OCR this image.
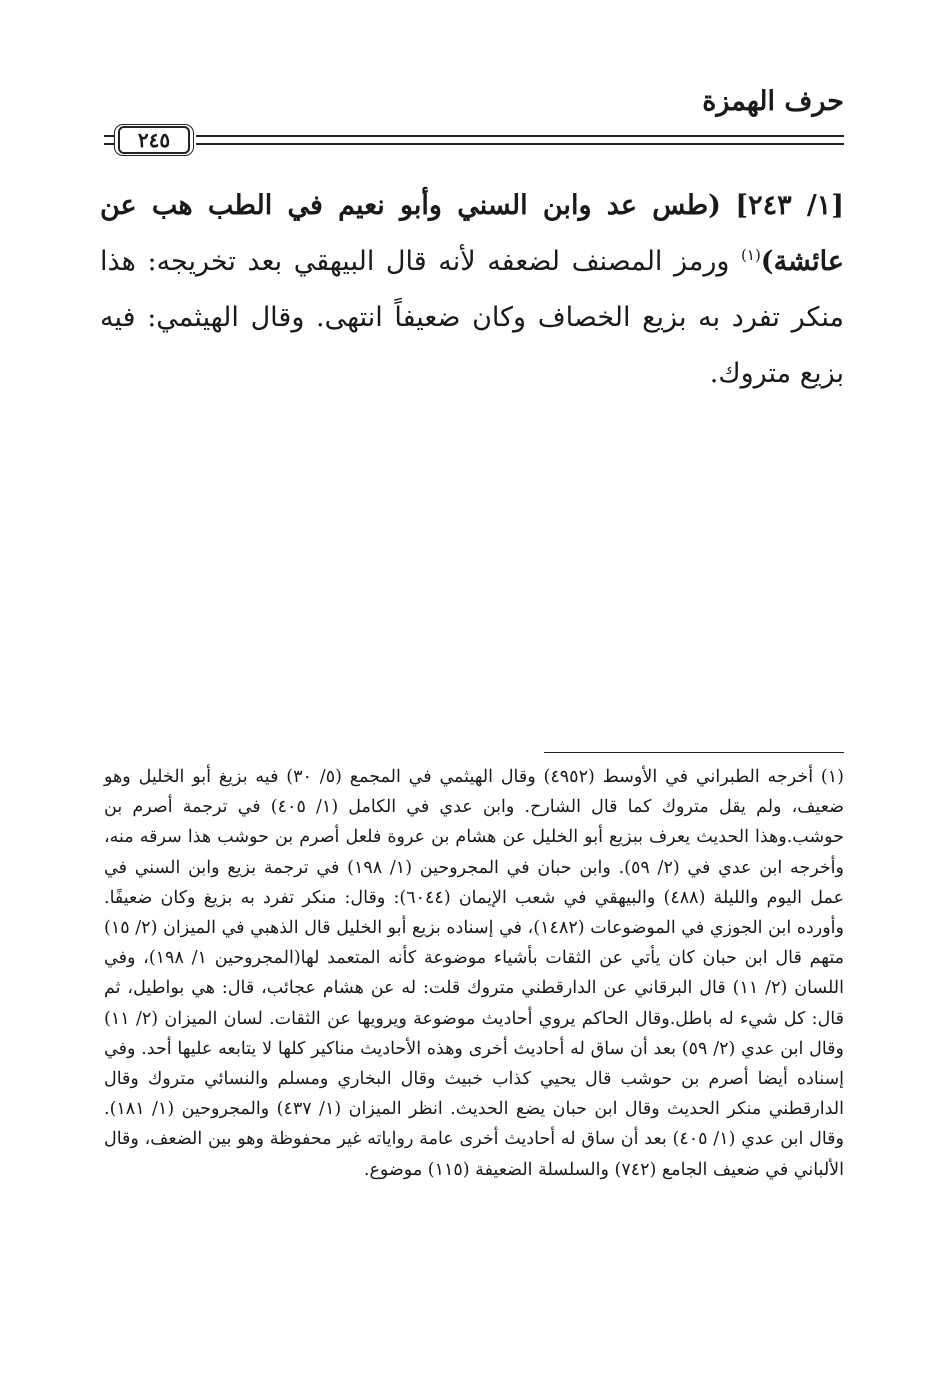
حرف الهمزة
٢٤٥
[١/ ٢٤٣] (طس عد وابن السني وأبو نعيم في الطب هب عن عائشة)$^{(١)}$ ورمز المصنف لضعفه لأنه قال البيهقي بعد تخريجه: هذا منكر تفرد به بزيع الخصاف وكان ضعيفاً انتهى. وقال الهيثمي: فيه بزيع متروك.
(١) أخرجه الطبراني في الأوسط (٤٩٥٢) وقال الهيثمي في المجمع (٥/ ٣٠) فيه بزيغ أبو الخليل وهو ضعيف، ولم يقل متروك كما قال الشارح. وابن عدي في الكامل (١/ ٤٠٥) في ترجمة أصرم بن حوشب.وهذا الحديث يعرف ببزيع أبو الخليل عن هشام بن عروة فلعل أصرم بن حوشب هذا سرقه منه، وأخرجه ابن عدي في (٢/ ٥٩). وابن حبان في المجروحين (١/ ١٩٨) في ترجمة بزيع وابن السني في عمل اليوم والليلة (٤٨٨) والبيهقي في شعب الإيمان (٦٠٤٤): وقال: منكر تفرد به بزيغ وكان ضعيفًا. وأورده ابن الجوزي في الموضوعات (١٤٨٢)، في إسناده بزيع أبو الخليل قال الذهبي في الميزان (٢/ ١٥) متهم قال ابن حبان كان يأتي عن الثقات بأشياء موضوعة كأنه المتعمد لها(المجروحين ١/ ١٩٨)، وفي اللسان (٢/ ١١) قال البرقاني عن الدارقطني متروك قلت: له عن هشام عجائب، قال: هي بواطيل، ثم قال: كل شيء له باطل.وقال الحاكم يروي أحاديث موضوعة ويرويها عن الثقات. لسان الميزان (٢/ ١١) وقال ابن عدي (٢/ ٥٩) بعد أن ساق له أحاديث أخرى وهذه الأحاديث مناكير كلها لا يتابعه عليها أحد. وفي إسناده أيضا أصرم بن حوشب قال يحيي كذاب خبيث وقال البخاري ومسلم والنسائي متروك وقال الدارقطني منكر الحديث وقال ابن حبان يضع الحديث. انظر الميزان (١/ ٤٣٧) والمجروحين (١/ ١٨١). وقال ابن عدي (١/ ٤٠٥) بعد أن ساق له أحاديث أخرى عامة رواياته غير محفوظة وهو بين الضعف، وقال الألباني في ضعيف الجامع (٧٤٢) والسلسلة الضعيفة (١١٥) موضوع.
